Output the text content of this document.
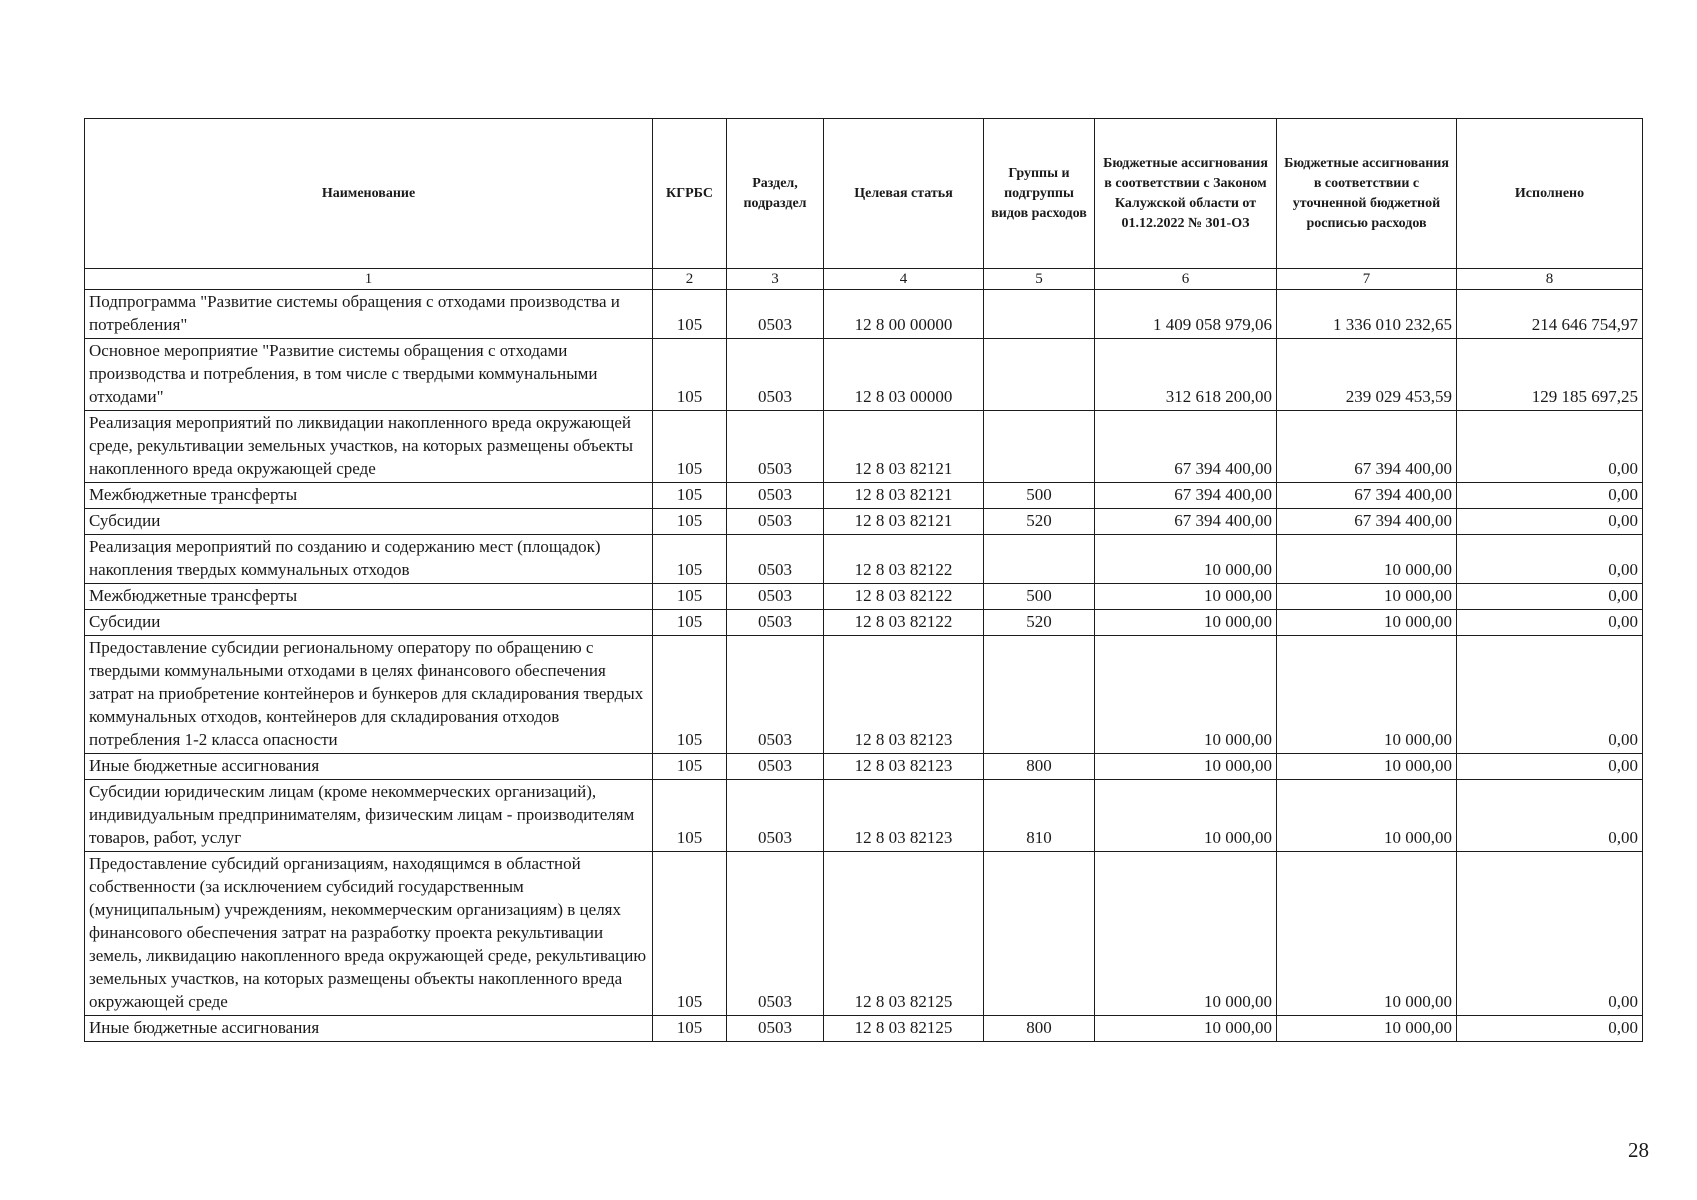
Наименование	КГРБС	Раздел, подраздел	Целевая статья	Группы и подгруппы видов расходов	Бюджетные ассигнования в соответствии с Законом Калужской области от 01.12.2022 № 301-ОЗ	Бюджетные ассигнования в соответствии с уточненной бюджетной росписью расходов	Исполнено
1	2	3	4	5	6	7	8
Подпрограмма "Развитие системы обращения с отходами производства и потребления"	105	0503	12 8 00 00000		1 409 058 979,06	1 336 010 232,65	214 646 754,97
Основное мероприятие "Развитие системы обращения с отходами производства и потребления, в том числе с твердыми коммунальными отходами"	105	0503	12 8 03 00000		312 618 200,00	239 029 453,59	129 185 697,25
Реализация мероприятий по ликвидации накопленного вреда окружающей среде, рекультивации земельных участков, на которых размещены объекты накопленного вреда окружающей среде	105	0503	12 8 03 82121		67 394 400,00	67 394 400,00	0,00
Межбюджетные трансферты	105	0503	12 8 03 82121	500	67 394 400,00	67 394 400,00	0,00
Субсидии	105	0503	12 8 03 82121	520	67 394 400,00	67 394 400,00	0,00
Реализация мероприятий по созданию и содержанию мест (площадок) накопления твердых коммунальных отходов	105	0503	12 8 03 82122		10 000,00	10 000,00	0,00
Межбюджетные трансферты	105	0503	12 8 03 82122	500	10 000,00	10 000,00	0,00
Субсидии	105	0503	12 8 03 82122	520	10 000,00	10 000,00	0,00
Предоставление субсидии региональному оператору по обращению с твердыми коммунальными отходами в целях финансового обеспечения затрат на приобретение контейнеров и бункеров для складирования твердых коммунальных отходов, контейнеров для складирования отходов потребления 1-2 класса опасности	105	0503	12 8 03 82123		10 000,00	10 000,00	0,00
Иные бюджетные ассигнования	105	0503	12 8 03 82123	800	10 000,00	10 000,00	0,00
Субсидии юридическим лицам (кроме некоммерческих организаций), индивидуальным предпринимателям, физическим лицам - производителям товаров, работ, услуг	105	0503	12 8 03 82123	810	10 000,00	10 000,00	0,00
Предоставление субсидий организациям, находящимся в областной собственности (за исключением субсидий государственным (муниципальным) учреждениям, некоммерческим организациям) в целях финансового обеспечения затрат на разработку проекта рекультивации земель, ликвидацию накопленного вреда окружающей среде, рекультивацию земельных участков, на которых размещены объекты накопленного вреда окружающей среде	105	0503	12 8 03 82125		10 000,00	10 000,00	0,00
Иные бюджетные ассигнования	105	0503	12 8 03 82125	800	10 000,00	10 000,00	0,00
28
